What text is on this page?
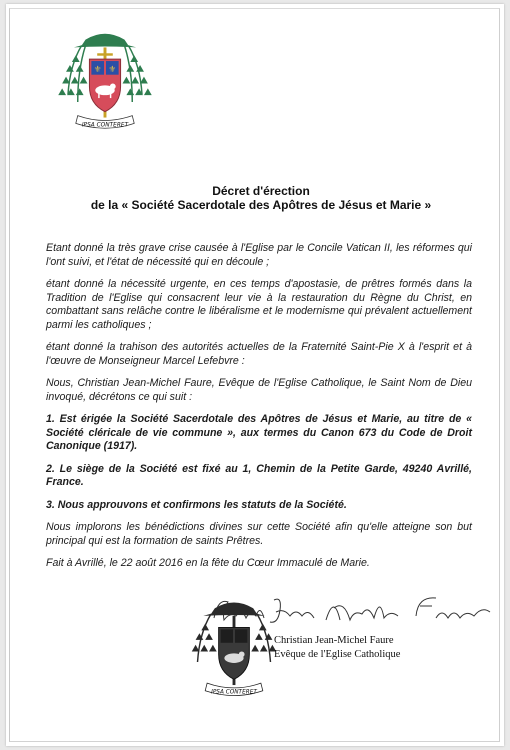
⚜ ⚜
IPSA CONTERET
Décret d'érection
de la « Société Sacerdotale des Apôtres de Jésus et Marie »

Etant donné la très grave crise causée à l'Eglise par le Concile Vatican II, les réformes qui l'ont suivi, et l'état de nécessité qui en découle ;

étant donné la nécessité urgente, en ces temps d'apostasie, de prêtres formés dans la Tradition de l'Eglise qui consacrent leur vie à la restauration du Règne du Christ, en combattant sans relâche contre le libéralisme et le modernisme qui prévalent actuellement parmi les catholiques ;

étant donné la trahison des autorités actuelles de la Fraternité Saint-Pie X à l'esprit et à l'œuvre de Monseigneur Marcel Lefebvre :

Nous, Christian Jean-Michel Faure, Evêque de l'Eglise Catholique, le Saint Nom de Dieu invoqué, décrétons ce qui suit :

1. Est érigée la Société Sacerdotale des Apôtres de Jésus et Marie, au titre de « Société cléricale de vie commune », aux termes du Canon 673 du Code de Droit Canonique (1917).

2. Le siège de la Société est fixé au 1, Chemin de la Petite Garde, 49240 Avrillé, France.

3. Nous approuvons et confirmons les statuts de la Société.

Nous implorons les bénédictions divines sur cette Société afin qu'elle atteigne son but principal qui est la formation de saints Prêtres.

Fait à Avrillé, le 22 août 2016 en la fête du Cœur Immaculé de Marie.

IPSA CONTERET
Christian Jean-Michel Faure
Evêque de l'Eglise Catholique
